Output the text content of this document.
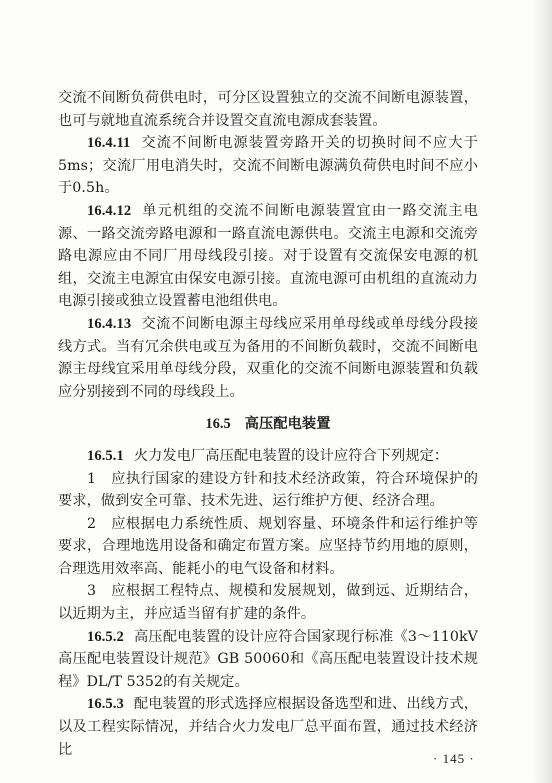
交流不间断负荷供电时，可分区设置独立的交流不间断电源装置，也可与就地直流系统合并设置交直流电源成套装置。

16.4.11 交流不间断电源装置旁路开关的切换时间不应大于5ms；交流厂用电消失时，交流不间断电源满负荷供电时间不应小于0.5h。

16.4.12 单元机组的交流不间断电源装置宜由一路交流主电源、一路交流旁路电源和一路直流电源供电。交流主电源和交流旁路电源应由不同厂用母线段引接。对于设置有交流保安电源的机组，交流主电源宜由保安电源引接。直流电源可由机组的直流动力电源引接或独立设置蓄电池组供电。

16.4.13 交流不间断电源主母线应采用单母线或单母线分段接线方式。当有冗余供电或互为备用的不间断负载时，交流不间断电源主母线宜采用单母线分段，双重化的交流不间断电源装置和负载应分别接到不同的母线段上。

16.5 高压配电装置

16.5.1 火力发电厂高压配电装置的设计应符合下列规定：

1　应执行国家的建设方针和技术经济政策，符合环境保护的要求，做到安全可靠、技术先进、运行维护方便、经济合理。

2　应根据电力系统性质、规划容量、环境条件和运行维护等要求，合理地选用设备和确定布置方案。应坚持节约用地的原则，合理选用效率高、能耗小的电气设备和材料。

3　应根据工程特点、规模和发展规划，做到远、近期结合，以近期为主，并应适当留有扩建的条件。

16.5.2 高压配电装置的设计应符合国家现行标准《3～110kV高压配电装置设计规范》GB 50060和《高压配电装置设计技术规程》DL/T 5352的有关规定。

16.5.3 配电装置的形式选择应根据设备选型和进、出线方式，以及工程实际情况，并结合火力发电厂总平面布置，通过技术经济比

· 145 ·
